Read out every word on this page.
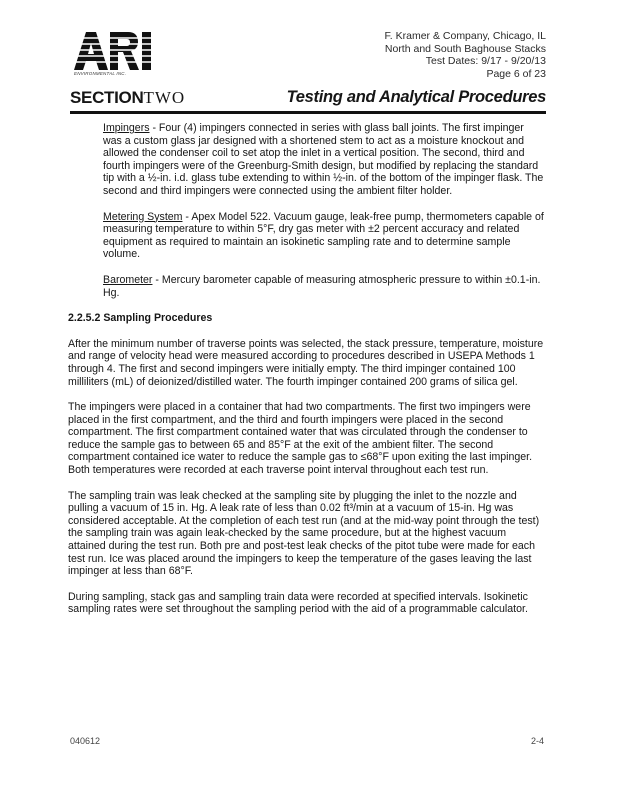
ARI
ENVIRONMENTAL INC.
F. Kramer & Company, Chicago, IL
North and South Baghouse Stacks
Test Dates: 9/17 - 9/20/13
Page 6 of 23
SECTIONTWO	Testing and Analytical Procedures

Impingers - Four (4) impingers connected in series with glass ball joints. The first impinger was a custom glass jar designed with a shortened stem to act as a moisture knockout and allowed the condenser coil to set atop the inlet in a vertical position. The second, third and fourth impingers were of the Greenburg-Smith design, but modified by replacing the standard tip with a ½-in. i.d. glass tube extending to within ½-in. of the bottom of the impinger flask. The second and third impingers were connected using the ambient filter holder.

Metering System - Apex Model 522. Vacuum gauge, leak-free pump, thermometers capable of measuring temperature to within 5°F, dry gas meter with ±2 percent accuracy and related equipment as required to maintain an isokinetic sampling rate and to determine sample volume.

Barometer - Mercury barometer capable of measuring atmospheric pressure to within ±0.1-in. Hg.

2.2.5.2 Sampling Procedures

After the minimum number of traverse points was selected, the stack pressure, temperature, moisture and range of velocity head were measured according to procedures described in USEPA Methods 1 through 4. The first and second impingers were initially empty. The third impinger contained 100 milliliters (mL) of deionized/distilled water. The fourth impinger contained 200 grams of silica gel.

The impingers were placed in a container that had two compartments. The first two impingers were placed in the first compartment, and the third and fourth impingers were placed in the second compartment. The first compartment contained water that was circulated through the condenser to reduce the sample gas to between 65 and 85°F at the exit of the ambient filter. The second compartment contained ice water to reduce the sample gas to ≤68°F upon exiting the last impinger. Both temperatures were recorded at each traverse point interval throughout each test run.

The sampling train was leak checked at the sampling site by plugging the inlet to the nozzle and pulling a vacuum of 15 in. Hg. A leak rate of less than 0.02 ft³/min at a vacuum of 15-in. Hg was considered acceptable. At the completion of each test run (and at the mid-way point through the test) the sampling train was again leak-checked by the same procedure, but at the highest vacuum attained during the test run. Both pre and post-test leak checks of the pitot tube were made for each test run. Ice was placed around the impingers to keep the temperature of the gases leaving the last impinger at less than 68°F.

During sampling, stack gas and sampling train data were recorded at specified intervals. Isokinetic sampling rates were set throughout the sampling period with the aid of a programmable calculator.

040612	2-4
